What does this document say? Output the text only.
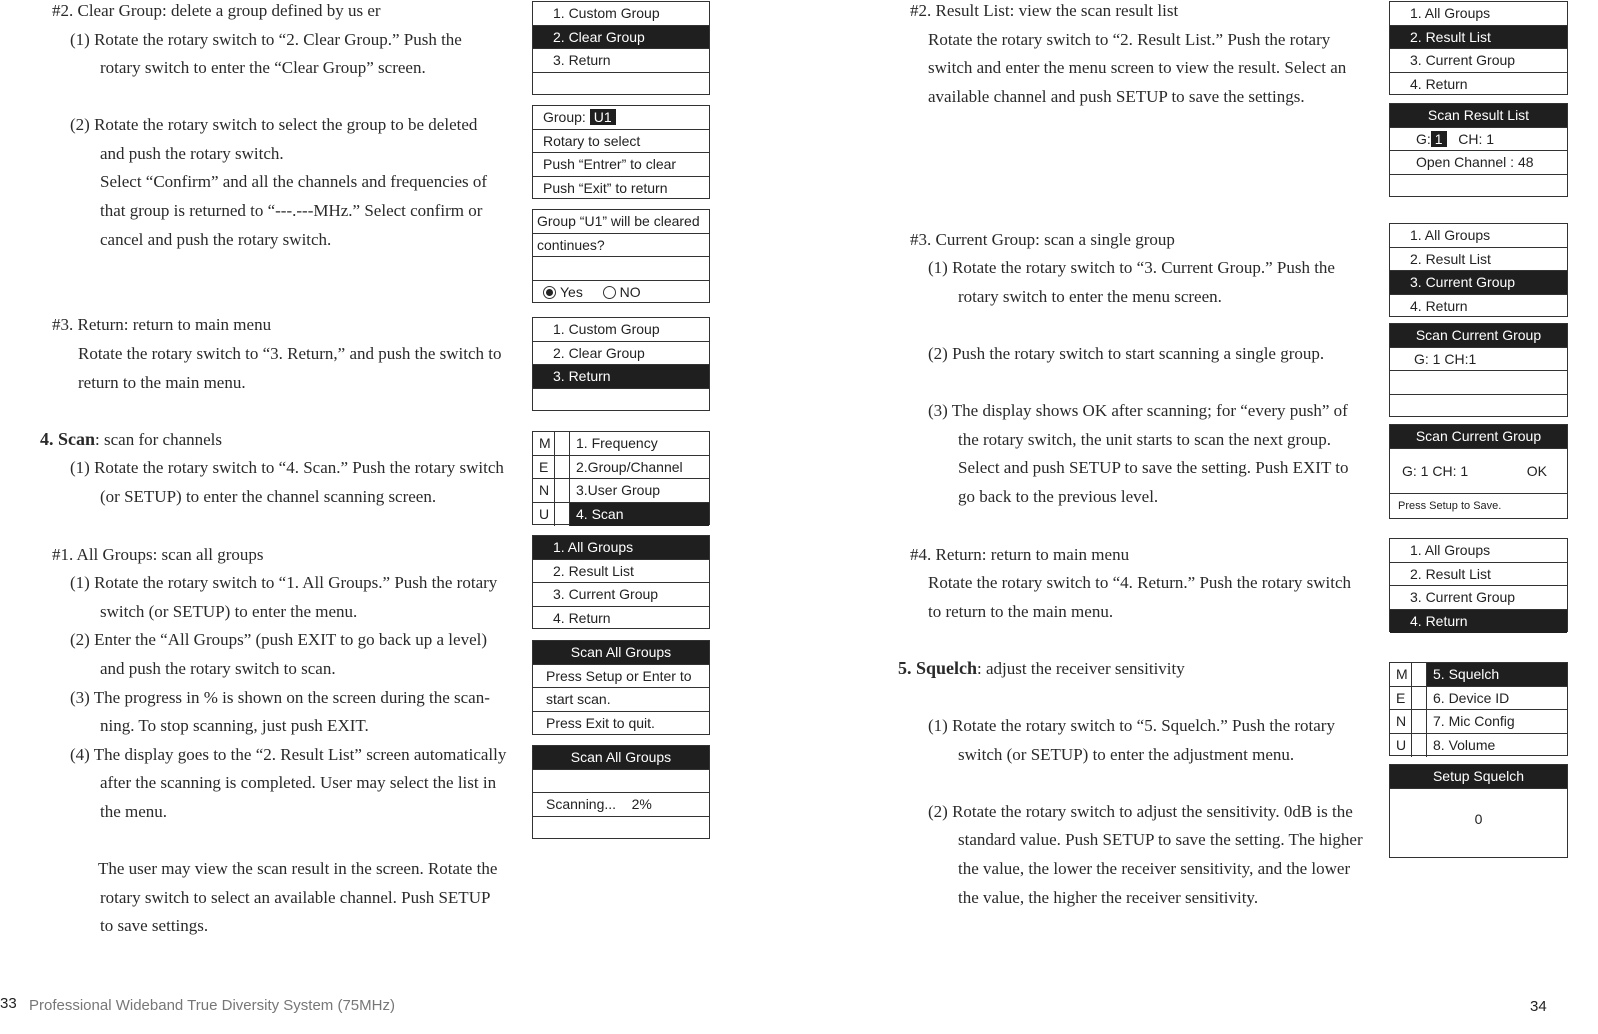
#2. Clear Group: delete a group defined by us er
(1) Rotate the rotary switch to “2. Clear Group.” Push the
rotary switch to enter the “Clear Group” screen.
(2) Rotate the rotary switch to select the group to be deleted
and push the rotary switch.
Select “Confirm” and all the channels and frequencies of
that group is returned to “---.---MHz.” Select confirm or
cancel and push the rotary switch.
#3. Return: return to main menu
Rotate the rotary switch to “3. Return,” and push the switch to
return to the main menu.
4. Scan: scan for channels
(1) Rotate the rotary switch to “4. Scan.” Push the rotary switch
(or SETUP) to enter the channel scanning screen.
#1. All Groups: scan all groups
(1) Rotate the rotary switch to “1. All Groups.” Push the rotary
switch (or SETUP) to enter the menu.
(2) Enter the “All Groups” (push EXIT to go back up a level)
and push the rotary switch to scan.
(3) The progress in % is shown on the screen during the scan-
ning. To stop scanning, just push EXIT.
(4) The display goes to the “2. Result List” screen automatically
after the scanning is completed. User may select the list in
the menu.
The user may view the scan result in the screen. Rotate the
rotary switch to select an available channel. Push SETUP
to save settings.
1. Custom Group
2. Clear Group
3. Return
Group: U1
Rotary to select
Push “Entrer” to clear
Push “Exit” to return
Group “U1” will be cleared
continues?
Yes	NO
1. Custom Group
2. Clear Group
3. Return
M	1. Frequency
E	2.Group/Channel
N	3.User Group
U	4. Scan
1. All Groups
2. Result List
3. Current Group
4. Return
Scan All Groups
Press Setup or Enter to
start scan.
Press Exit to quit.
Scan All Groups
Scanning... 2%
#2. Result List: view the scan result list
Rotate the rotary switch to “2. Result List.” Push the rotary
switch and enter the menu screen to view the result. Select an
available channel and push SETUP to save the settings.
#3. Current Group: scan a single group
(1) Rotate the rotary switch to “3. Current Group.” Push the
rotary switch to enter the menu screen.
(2) Push the rotary switch to start scanning a single group.
(3) The display shows OK after scanning; for “every push” of
the rotary switch, the unit starts to scan the next group.
Select and push SETUP to save the setting. Push EXIT to
go back to the previous level.
#4. Return: return to main menu
Rotate the rotary switch to “4. Return.” Push the rotary switch
to return to the main menu.
5. Squelch: adjust the receiver sensitivity
(1) Rotate the rotary switch to “5. Squelch.” Push the rotary
switch (or SETUP) to enter the adjustment menu.
(2) Rotate the rotary switch to adjust the sensitivity. 0dB is the
standard value. Push SETUP to save the setting. The higher
the value, the lower the receiver sensitivity, and the lower
the value, the higher the receiver sensitivity.
1. All Groups
2. Result List
3. Current Group
4. Return
Scan Result List
G: 1 CH: 1
Open Channel : 48
1. All Groups
2. Result List
3. Current Group
4. Return
Scan Current Group
G: 1 CH:1
Scan Current Group
G: 1 CH: 1	OK
Press Setup to Save.
1. All Groups
2. Result List
3. Current Group
4. Return
M	5. Squelch
E	6. Device ID
N	7. Mic Config
U	8. Volume
Setup Squelch
0
33 Professional Wideband True Diversity System (75MHz)	34
